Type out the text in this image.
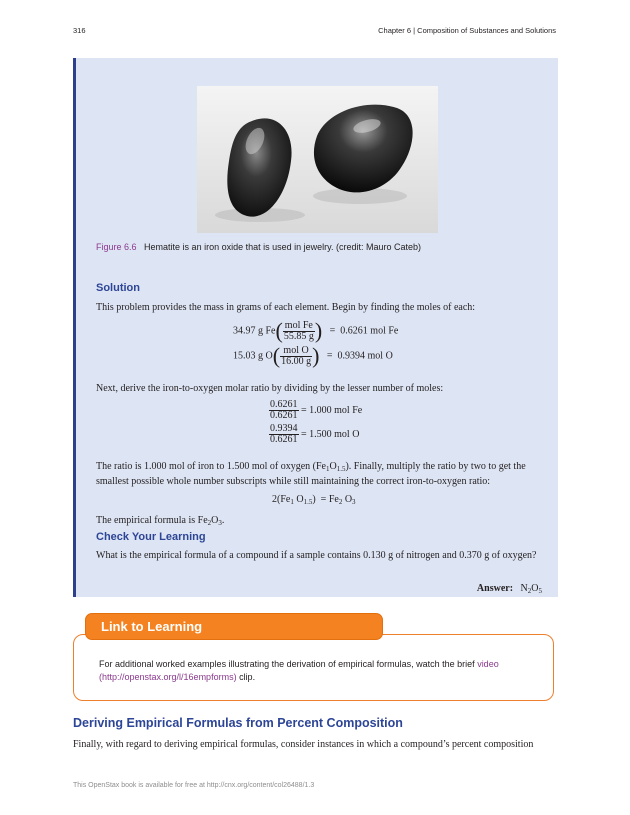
316	Chapter 6 | Composition of Substances and Solutions
Figure 6.6 Hematite is an iron oxide that is used in jewelry. (credit: Mauro Cateb)
Solution
This problem provides the mass in grams of each element. Begin by finding the moles of each:
34.97 g $Fe( \frac{\text{mol Fe}}{55.85 g}$ )   =  0.6261 mol Fe
15.03 g $O( \frac{\text{mol O}}{16.00 g}$ )   =  0.9394 mol O
Next, derive the iron-to-oxygen molar ratio by dividing by the lesser number of moles:
$\frac{0.6261}{0.6261} = 1.000$ mol Fe
$\frac{0.9394}{0.6261} = 1.500$ mol O
The ratio is 1.000 mol of iron to 1.500 mol of oxygen $(Fe_1O_{1.5})$. Finally, multiply the ratio by two to get the smallest possible whole number subscripts while still maintaining the correct iron-to-oxygen ratio:
$2(Fe_1$ $O_{1.5}) = Fe_2$ $O_3$
The empirical formula is $Fe_2O_3$.
Check Your Learning
What is the empirical formula of a compound if a sample contains 0.130 g of nitrogen and 0.370 g of oxygen?
Answer: $N_2O_5$
For additional worked examples illustrating the derivation of empirical formulas, watch the brief video (http://openstax.org/l/16empforms) clip.
Link to Learning
Deriving Empirical Formulas from Percent Composition
Finally, with regard to deriving empirical formulas, consider instances in which a compound’s percent composition
This OpenStax book is available for free at http://cnx.org/content/col26488/1.3
